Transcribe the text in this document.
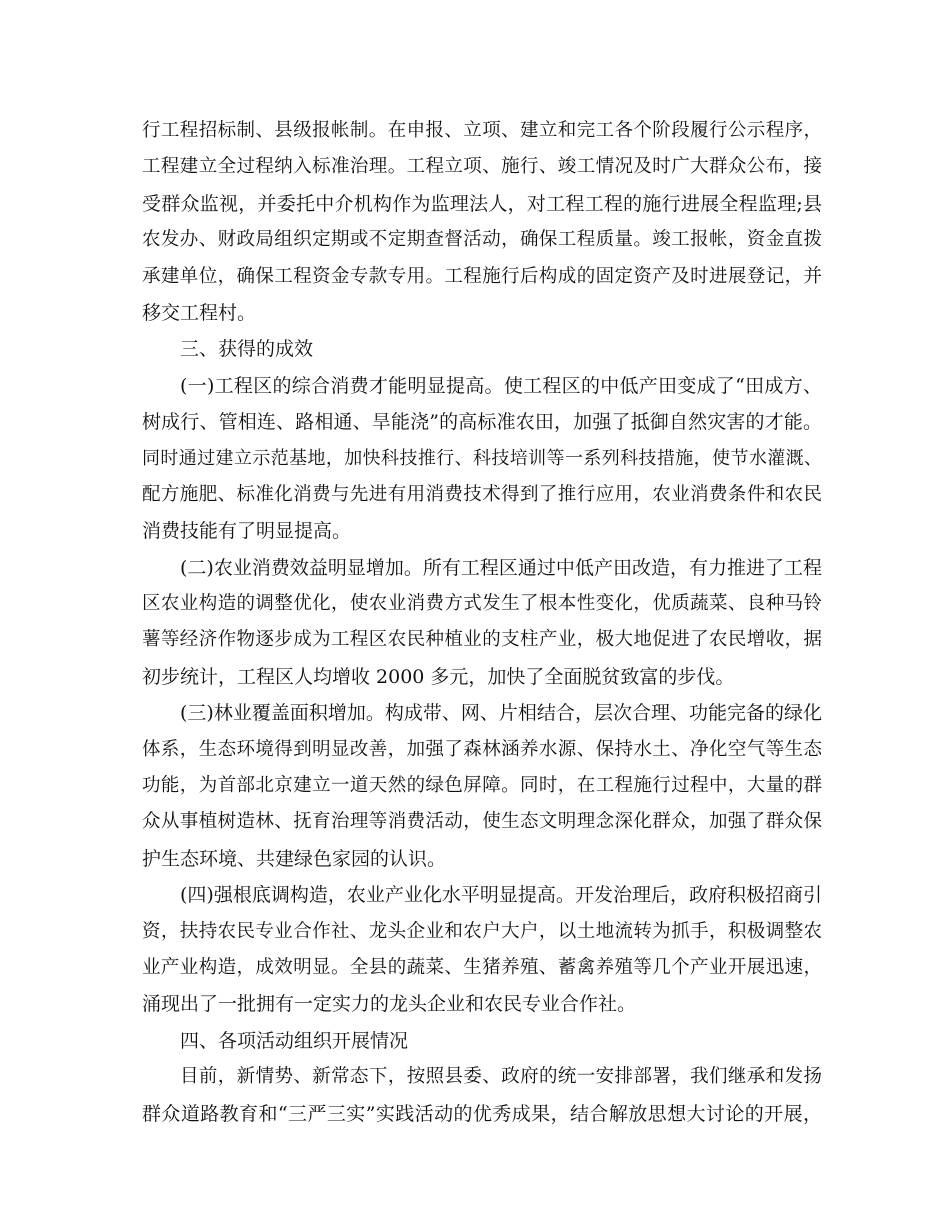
行工程招标制、县级报帐制。在申报、立项、建立和完工各个阶段履行公示程序，
工程建立全过程纳入标准治理。工程立项、施行、竣工情况及时广大群众公布，接
受群众监视，并委托中介机构作为监理法人，对工程工程的施行进展全程监理;县
农发办、财政局组织定期或不定期查督活动，确保工程质量。竣工报帐，资金直拨
承建单位，确保工程资金专款专用。工程施行后构成的固定资产及时进展登记，并
移交工程村。
三、获得的成效
(一)工程区的综合消费才能明显提高。使工程区的中低产田变成了“田成方、
树成行、管相连、路相通、旱能浇”的高标准农田，加强了抵御自然灾害的才能。
同时通过建立示范基地，加快科技推行、科技培训等一系列科技措施，使节水灌溉、
配方施肥、标准化消费与先进有用消费技术得到了推行应用，农业消费条件和农民
消费技能有了明显提高。
(二)农业消费效益明显增加。所有工程区通过中低产田改造，有力推进了工程
区农业构造的调整优化，使农业消费方式发生了根本性变化，优质蔬菜、良种马铃
薯等经济作物逐步成为工程区农民种植业的支柱产业，极大地促进了农民增收，据
初步统计，工程区人均增收 2000 多元，加快了全面脱贫致富的步伐。
(三)林业覆盖面积增加。构成带、网、片相结合，层次合理、功能完备的绿化
体系，生态环境得到明显改善，加强了森林涵养水源、保持水土、净化空气等生态
功能，为首部北京建立一道天然的绿色屏障。同时，在工程施行过程中，大量的群
众从事植树造林、抚育治理等消费活动，使生态文明理念深化群众，加强了群众保
护生态环境、共建绿色家园的认识。
(四)强根底调构造，农业产业化水平明显提高。开发治理后，政府积极招商引
资，扶持农民专业合作社、龙头企业和农户大户，以土地流转为抓手，积极调整农
业产业构造，成效明显。全县的蔬菜、生猪养殖、蓄禽养殖等几个产业开展迅速，
涌现出了一批拥有一定实力的龙头企业和农民专业合作社。
四、各项活动组织开展情况
目前，新情势、新常态下，按照县委、政府的统一安排部署，我们继承和发扬
群众道路教育和“三严三实”实践活动的优秀成果，结合解放思想大讨论的开展，
